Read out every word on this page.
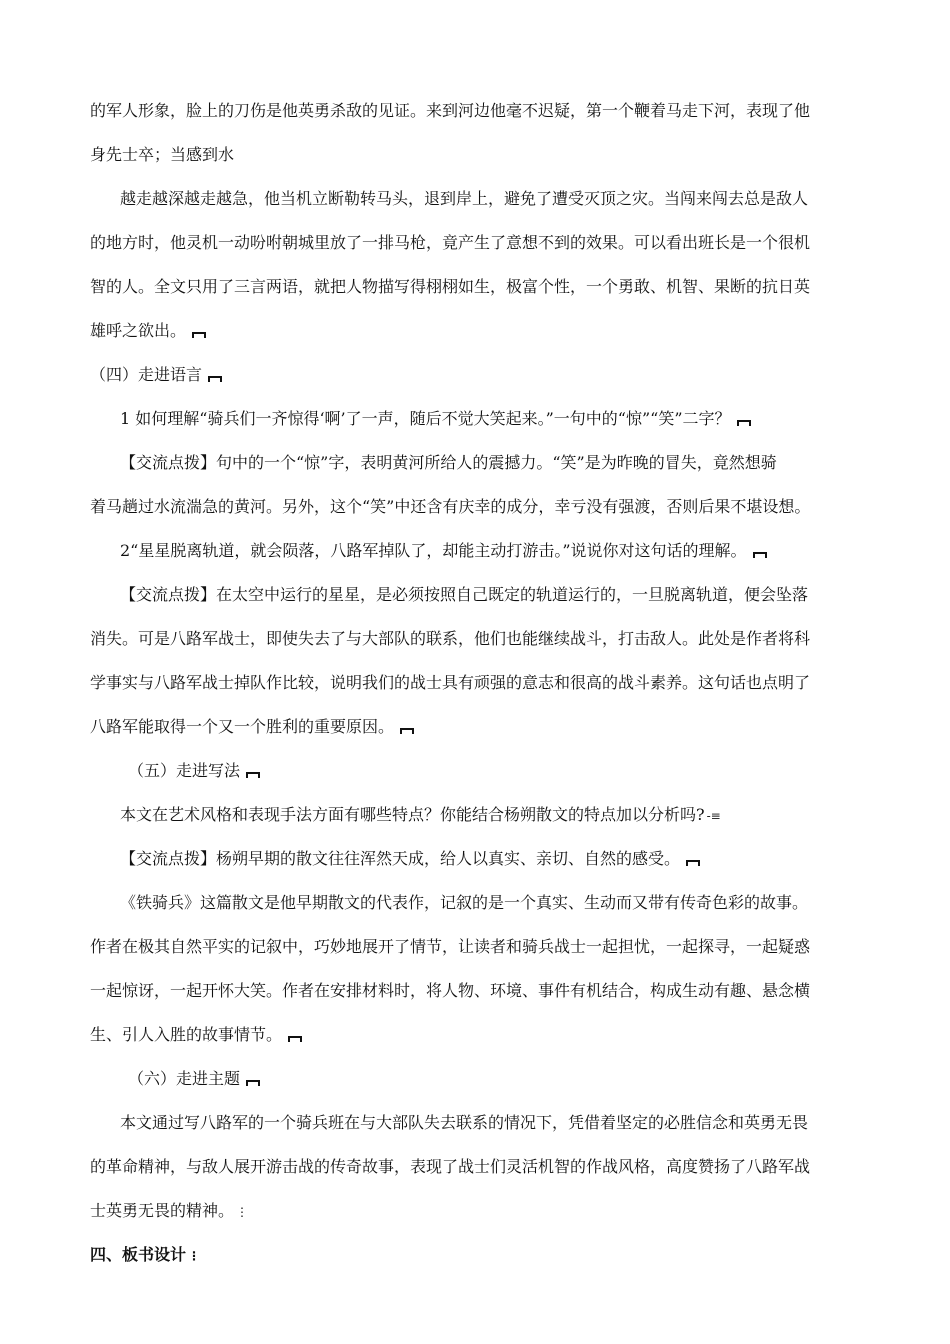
的军人形象，脸上的刀伤是他英勇杀敌的见证。来到河边他毫不迟疑，第一个鞭着马走下河，表现了他
身先士卒；当感到水
越走越深越走越急，他当机立断勒转马头，退到岸上，避免了遭受灭顶之灾。当闯来闯去总是敌人
的地方时，他灵机一动吩咐朝城里放了一排马枪，竟产生了意想不到的效果。可以看出班长是一个很机
智的人。全文只用了三言两语，就把人物描写得栩栩如生，极富个性，一个勇敢、机智、果断的抗日英
雄呼之欲出。
（四）走进语言
1 如何理解“骑兵们一齐惊得‘啊’了一声，随后不觉大笑起来。”一句中的“惊”“笑”二字？
【交流点拨】句中的一个“惊”字，表明黄河所给人的震撼力。“笑”是为昨晚的冒失，竟然想骑
着马趟过水流湍急的黄河。另外，这个“笑”中还含有庆幸的成分，幸亏没有强渡，否则后果不堪设想。
2“星星脱离轨道，就会陨落，八路军掉队了，却能主动打游击。”说说你对这句话的理解。
【交流点拨】在太空中运行的星星，是必须按照自己既定的轨道运行的，一旦脱离轨道，便会坠落
消失。可是八路军战士，即使失去了与大部队的联系，他们也能继续战斗，打击敌人。此处是作者将科
学事实与八路军战士掉队作比较，说明我们的战士具有顽强的意志和很高的战斗素养。这句话也点明了
八路军能取得一个又一个胜利的重要原因。
（五）走进写法
本文在艺术风格和表现手法方面有哪些特点？你能结合杨朔散文的特点加以分析吗? -≡
【交流点拨】杨朔早期的散文往往浑然天成，给人以真实、亲切、自然的感受。
《铁骑兵》这篇散文是他早期散文的代表作，记叙的是一个真实、生动而又带有传奇色彩的故事。
作者在极其自然平实的记叙中，巧妙地展开了情节，让读者和骑兵战士一起担忧，一起探寻，一起疑惑
一起惊讶，一起开怀大笑。作者在安排材料时，将人物、环境、事件有机结合，构成生动有趣、悬念横
生、引人入胜的故事情节。
（六）走进主题
本文通过写八路军的一个骑兵班在与大部队失去联系的情况下，凭借着坚定的必胜信念和英勇无畏
的革命精神，与敌人展开游击战的传奇故事，表现了战士们灵活机智的作战风格，高度赞扬了八路军战
士英勇无畏的精神。 ⋮
四、板书设计 ⋮
